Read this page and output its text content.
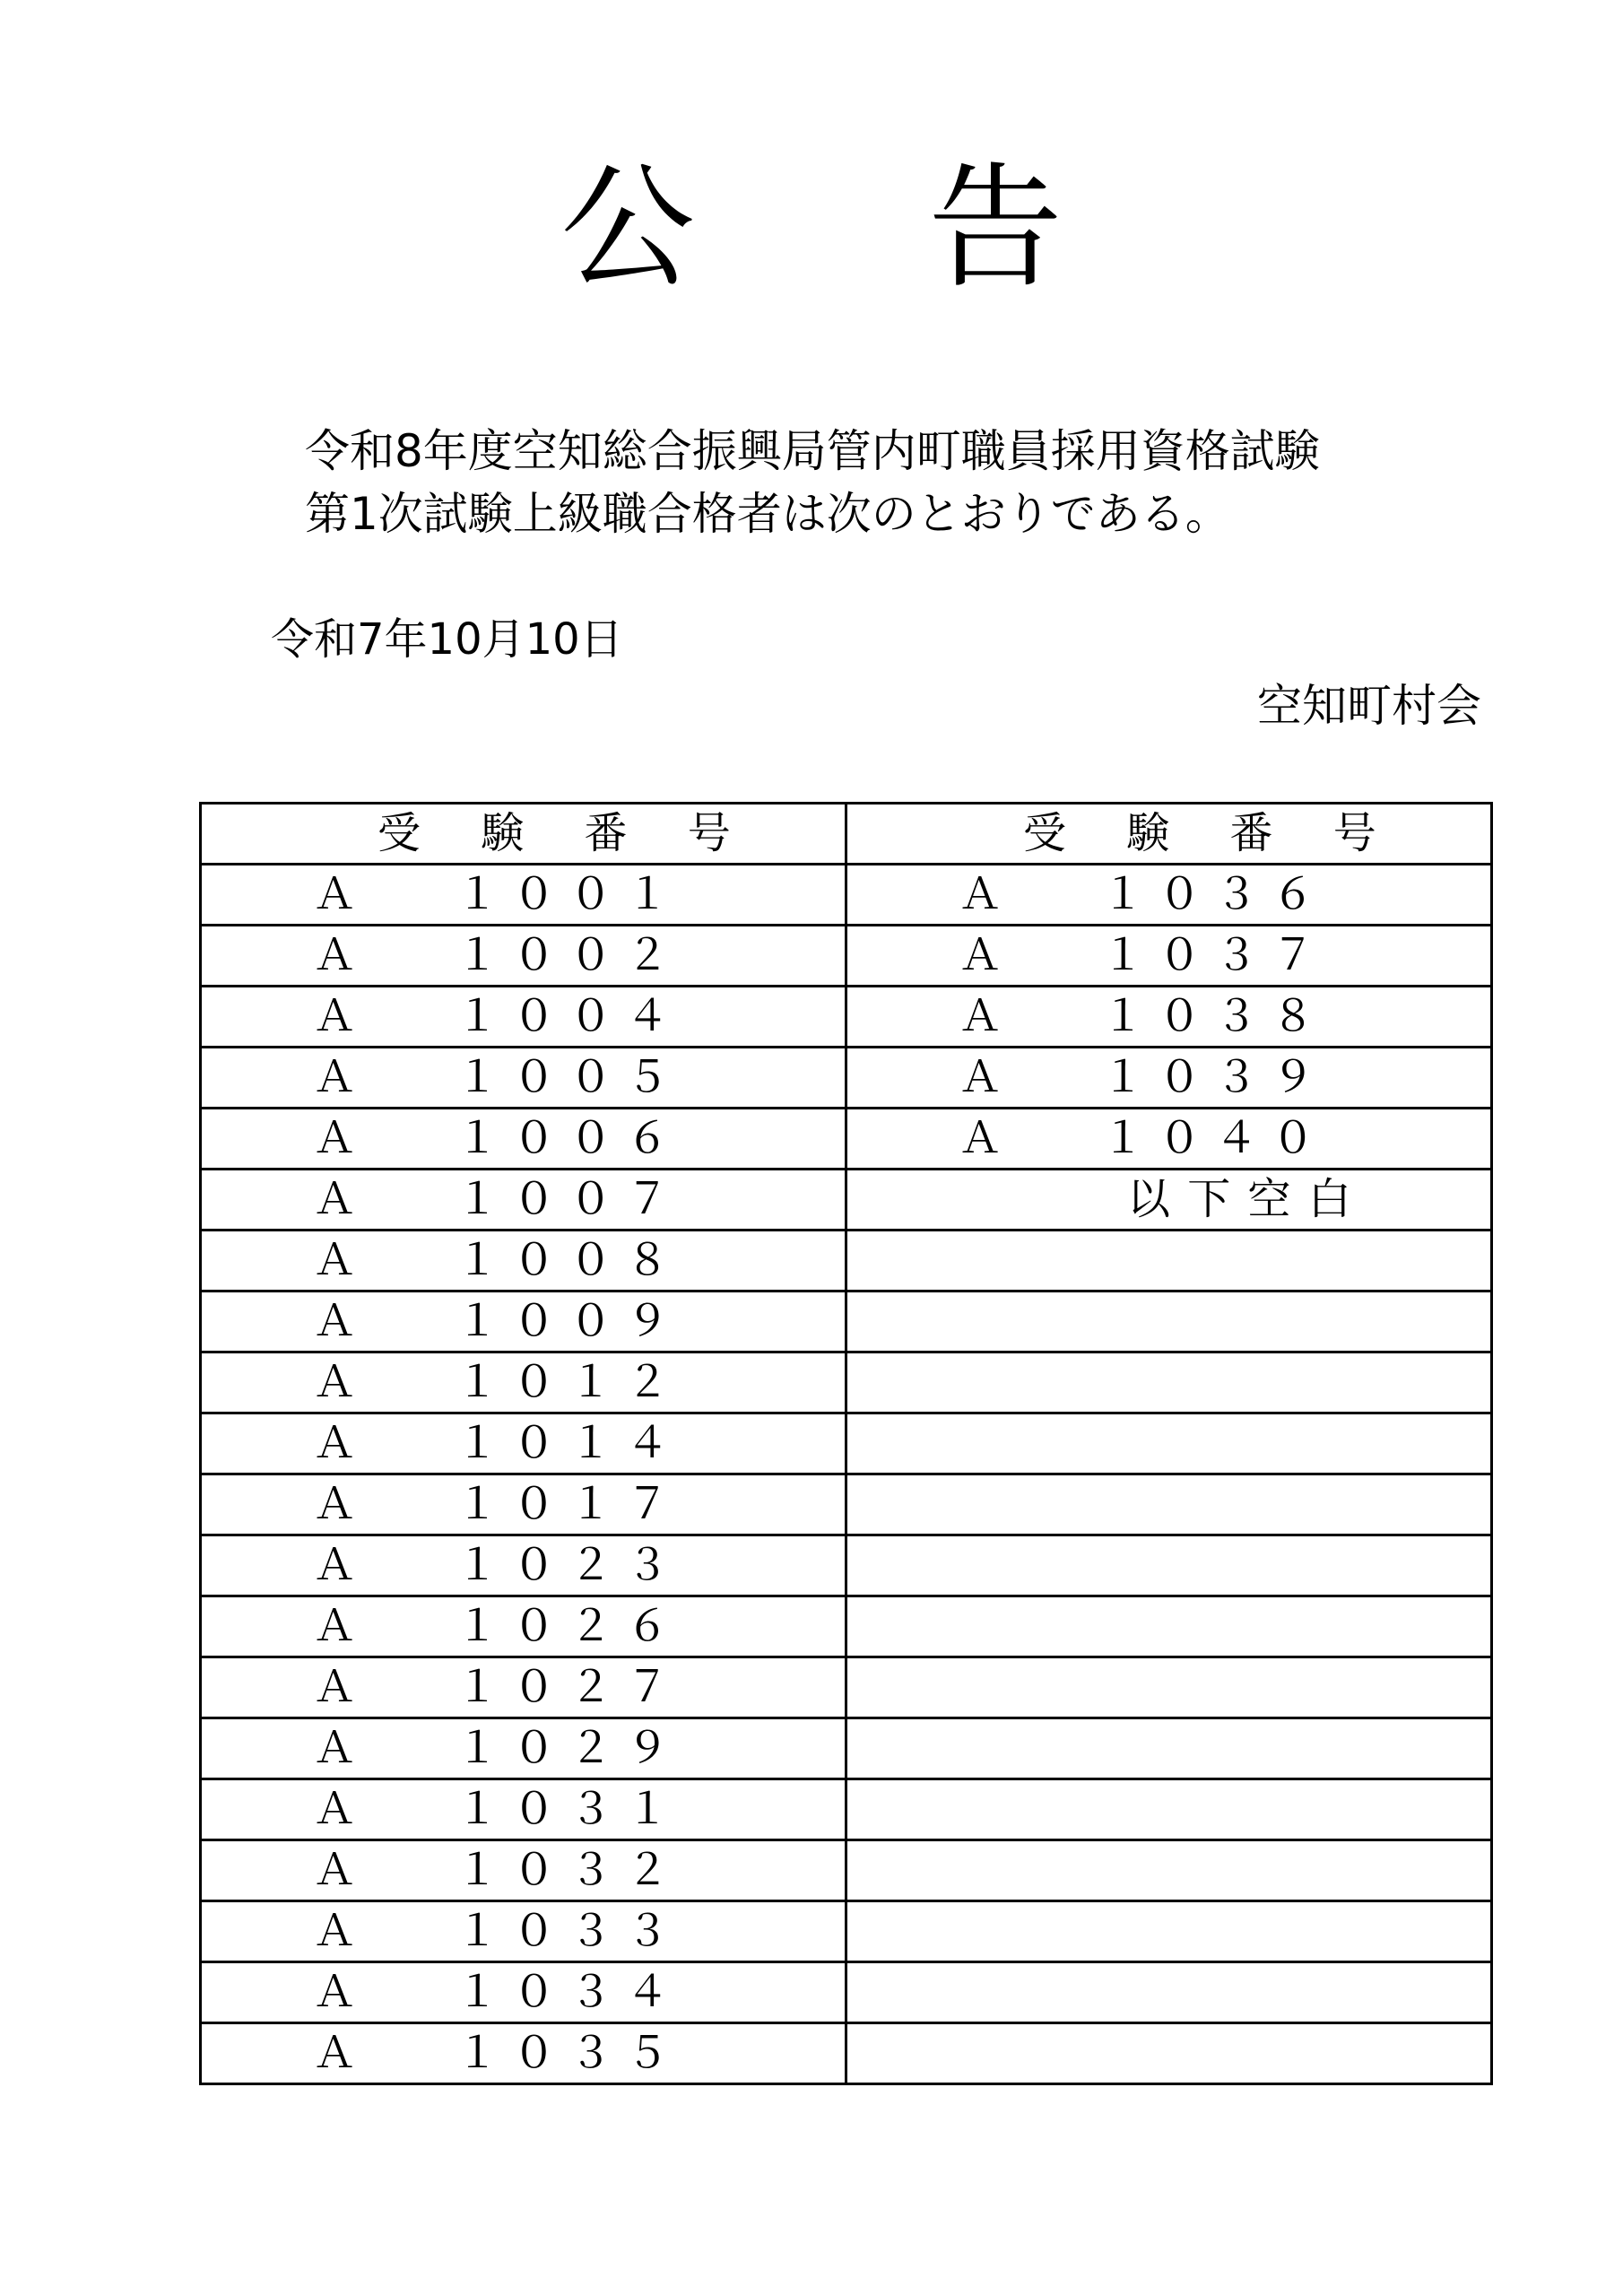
公告
令和8年度空知総合振興局管内町職員採用資格試験
第1次試験上級職合格者は次のとおりである。
令和7年10月10日
空知町村会
受 験 番 号	受 験 番 号
Ａ　　 １ ０ ０ １	Ａ　　 １ ０ ３ ６
Ａ　　 １ ０ ０ ２	Ａ　　 １ ０ ３ ７
Ａ　　 １ ０ ０ ４	Ａ　　 １ ０ ３ ８
Ａ　　 １ ０ ０ ５	Ａ　　 １ ０ ３ ９
Ａ　　 １ ０ ０ ６	Ａ　　 １ ０ ４ ０
Ａ　　 １ ０ ０ ７	以 下 空 白
Ａ　　 １ ０ ０ ８	
Ａ　　 １ ０ ０ ９	
Ａ　　 １ ０ １ ２	
Ａ　　 １ ０ １ ４	
Ａ　　 １ ０ １ ７	
Ａ　　 １ ０ ２ ３	
Ａ　　 １ ０ ２ ６	
Ａ　　 １ ０ ２ ７	
Ａ　　 １ ０ ２ ９	
Ａ　　 １ ０ ３ １	
Ａ　　 １ ０ ３ ２	
Ａ　　 １ ０ ３ ３	
Ａ　　 １ ０ ３ ４	
Ａ　　 １ ０ ３ ５	
